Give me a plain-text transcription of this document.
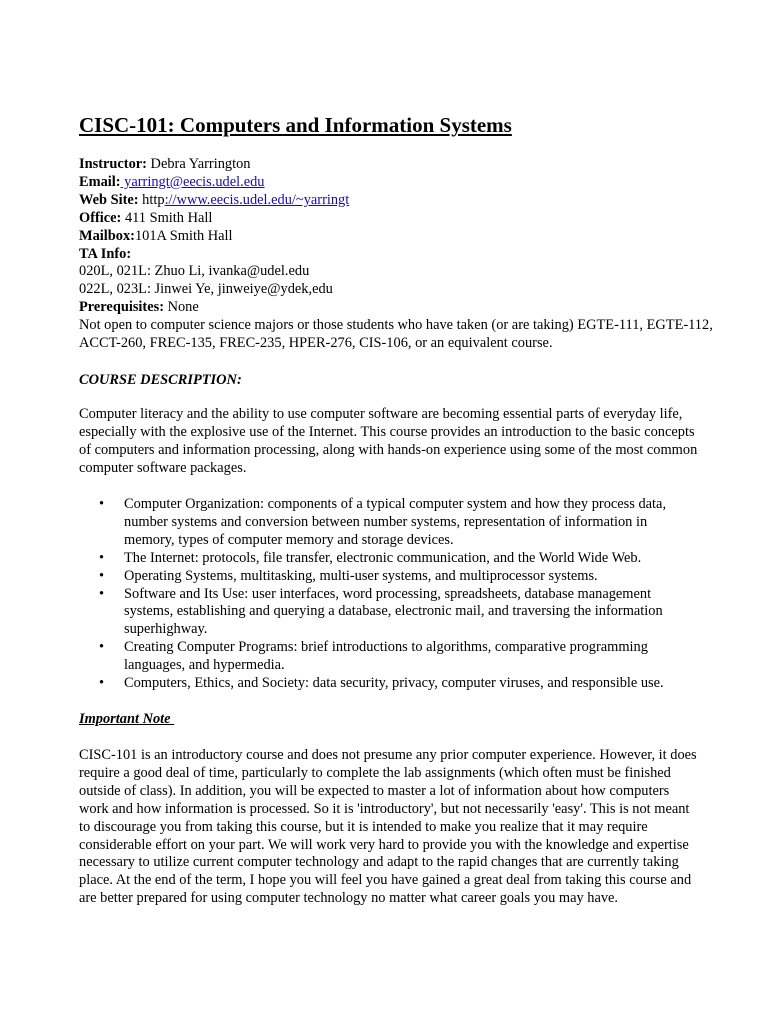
CISC-101: Computers and Information Systems
Instructor: Debra Yarrington
Email: yarringt@eecis.udel.edu
Web Site: http://www.eecis.udel.edu/~yarringt
Office: 411 Smith Hall
Mailbox:101A Smith Hall
TA Info:
020L, 021L: Zhuo Li, ivanka@udel.edu
022L, 023L: Jinwei Ye, jinweiye@ydek,edu
Prerequisites: None
Not open to computer science majors or those students who have taken (or are taking) EGTE-111, EGTE-112, ACCT-260, FREC-135, FREC-235, HPER-276, CIS-106, or an equivalent course.
COURSE DESCRIPTION:

Computer literacy and the ability to use computer software are becoming essential parts of everyday life, especially with the explosive use of the Internet. This course provides an introduction to the basic concepts of computers and information processing, along with hands-on experience using some of the most common computer software packages.

• Computer Organization: components of a typical computer system and how they process data, number systems and conversion between number systems, representation of information in memory, types of computer memory and storage devices.
• The Internet: protocols, file transfer, electronic communication, and the World Wide Web.
• Operating Systems, multitasking, multi-user systems, and multiprocessor systems.
• Software and Its Use: user interfaces, word processing, spreadsheets, database management systems, establishing and querying a database, electronic mail, and traversing the information superhighway.
• Creating Computer Programs: brief introductions to algorithms, comparative programming languages, and hypermedia.
• Computers, Ethics, and Society: data security, privacy, computer viruses, and responsible use.
Important Note

CISC-101 is an introductory course and does not presume any prior computer experience. However, it does require a good deal of time, particularly to complete the lab assignments (which often must be finished outside of class). In addition, you will be expected to master a lot of information about how computers work and how information is processed. So it is 'introductory', but not necessarily 'easy'. This is not meant to discourage you from taking this course, but it is intended to make you realize that it may require considerable effort on your part. We will work very hard to provide you with the knowledge and expertise necessary to utilize current computer technology and adapt to the rapid changes that are currently taking place. At the end of the term, I hope you will feel you have gained a great deal from taking this course and are better prepared for using computer technology no matter what career goals you may have.
